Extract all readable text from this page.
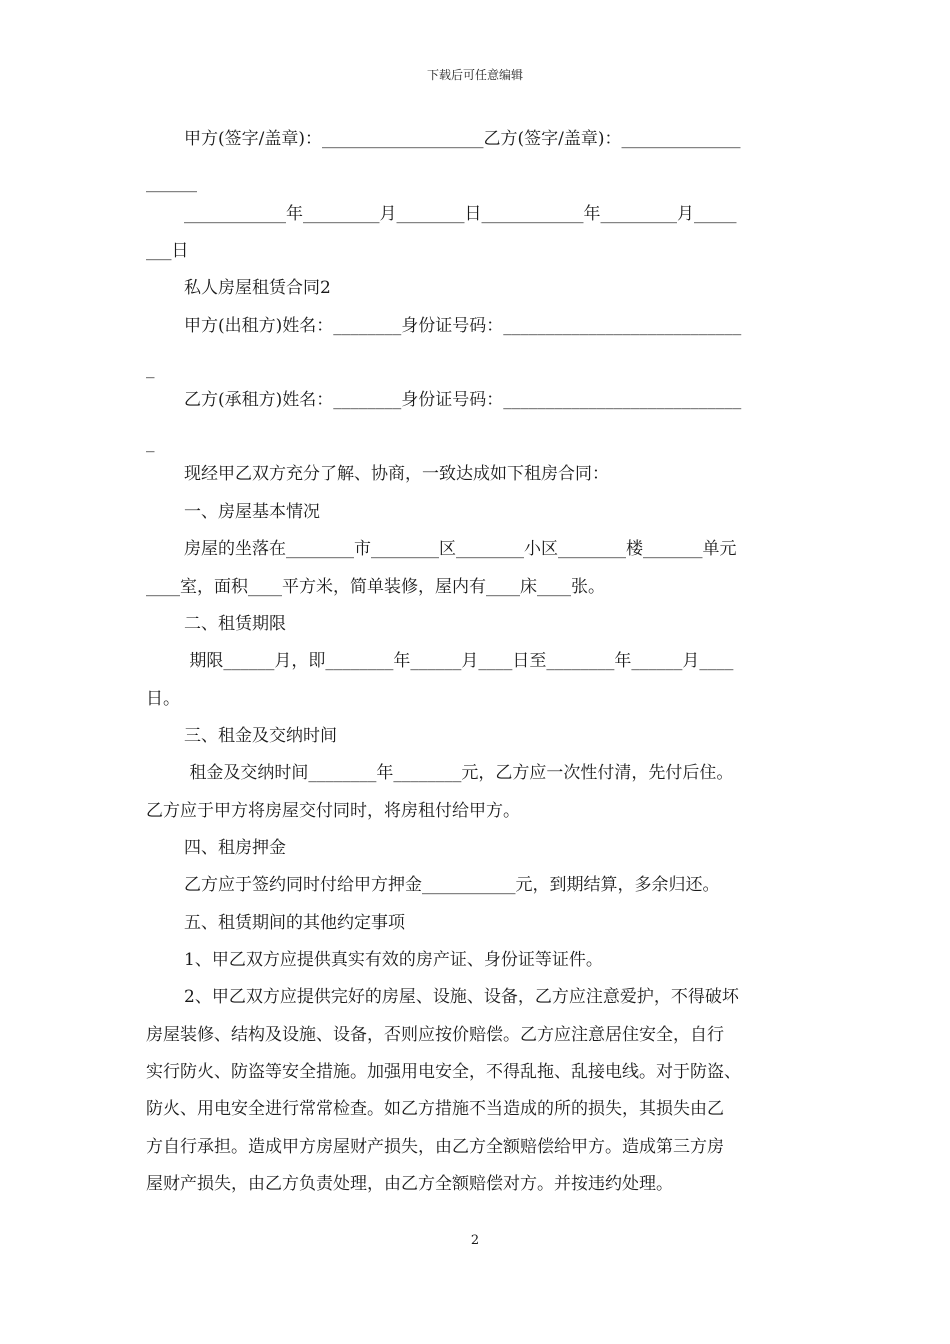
下载后可任意编辑
甲方(签字/盖章)：___________________乙方(签字/盖章)：______________
______
____________年_________月________日____________年_________月_____
___日
私人房屋租赁合同2
甲方(出租方)姓名：________身份证号码：____________________________
_
乙方(承租方)姓名：________身份证号码：____________________________
_
现经甲乙双方充分了解、协商，一致达成如下租房合同：
一、房屋基本情况
房屋的坐落在________市________区________小区________楼_______单元
____室，面积____平方米，简单装修，屋内有____床____张。
二、租赁期限
期限______月，即________年______月____日至________年______月____
日。
三、租金及交纳时间
租金及交纳时间________年________元，乙方应一次性付清，先付后住。
乙方应于甲方将房屋交付同时，将房租付给甲方。
四、租房押金
乙方应于签约同时付给甲方押金___________元，到期结算，多余归还。
五、租赁期间的其他约定事项
1、甲乙双方应提供真实有效的房产证、身份证等证件。
2、甲乙双方应提供完好的房屋、设施、设备，乙方应注意爱护，不得破坏
房屋装修、结构及设施、设备，否则应按价赔偿。乙方应注意居住安全，自行
实行防火、防盗等安全措施。加强用电安全，不得乱拖、乱接电线。对于防盗、
防火、用电安全进行常常检查。如乙方措施不当造成的所的损失，其损失由乙
方自行承担。造成甲方房屋财产损失，由乙方全额赔偿给甲方。造成第三方房
屋财产损失，由乙方负责处理，由乙方全额赔偿对方。并按违约处理。
2
